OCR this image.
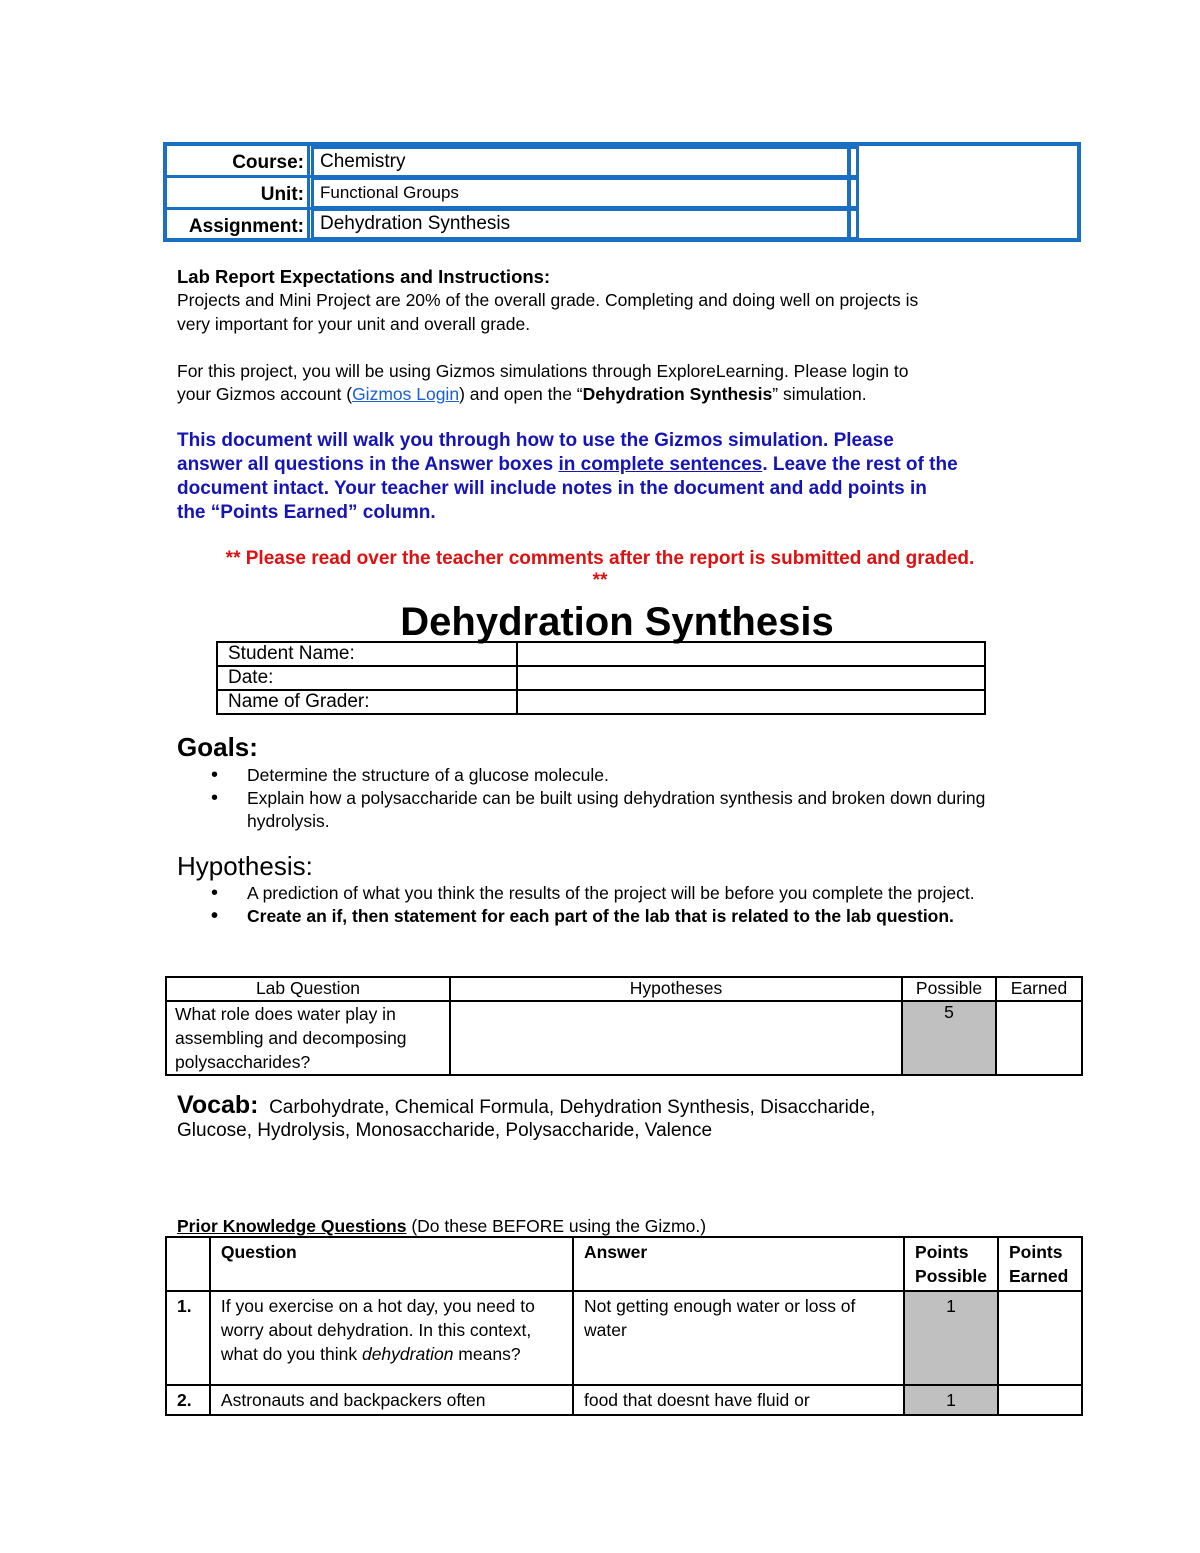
Course: Chemistry
Unit: Functional Groups
Assignment: Dehydration Synthesis
Lab Report Expectations and Instructions:
Projects and Mini Project are 20% of the overall grade. Completing and doing well on projects is
very important for your unit and overall grade.
For this project, you will be using Gizmos simulations through ExploreLearning. Please login to
your Gizmos account (Gizmos Login) and open the “Dehydration Synthesis” simulation.
This document will walk you through how to use the Gizmos simulation. Please
answer all questions in the Answer boxes in complete sentences. Leave the rest of the
document intact. Your teacher will include notes in the document and add points in
the “Points Earned” column.
** Please read over the teacher comments after the report is submitted and graded.
**
Dehydration Synthesis
Student Name:	
Date:	
Name of Grader:	
Goals:
• Determine the structure of a glucose molecule.
• Explain how a polysaccharide can be built using dehydration synthesis and broken down during hydrolysis.
Hypothesis:
• A prediction of what you think the results of the project will be before you complete the project.
• Create an if, then statement for each part of the lab that is related to the lab question.
Lab Question	Hypotheses	Possible	Earned
What role does water play in assembling and decomposing polysaccharides?		5	
Vocab: Carbohydrate, Chemical Formula, Dehydration Synthesis, Disaccharide,
Glucose, Hydrolysis, Monosaccharide, Polysaccharide, Valence
Prior Knowledge Questions (Do these BEFORE using the Gizmo.)
	Question	Answer	Points Possible	Points Earned
1.	If you exercise on a hot day, you need to worry about dehydration. In this context, what do you think dehydration means?	Not getting enough water or loss of water	1	
2.	Astronauts and backpackers often	food that doesnt have fluid or	1	
